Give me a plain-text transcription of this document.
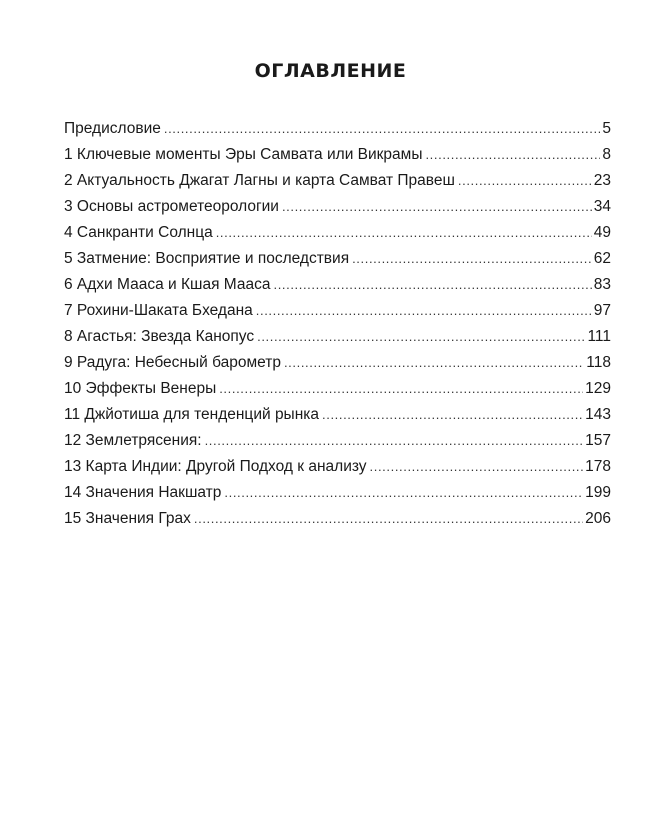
ОГЛАВЛЕНИЕ
Предисловие .....	5
1 Ключевые моменты Эры Самвата или Викрамы .....	8
2 Актуальность Джагат Лагны и карта Самват Правеш .....	23
3 Основы астрометеорологии .....	34
4 Санкранти Солнца .....	49
5 Затмение: Восприятие и последствия .....	62
6 Адхи Мааса и Кшая Мааса .....	83
7 Рохини-Шаката Бхедана .....	97
8 Агастья: Звезда Канопус .....	111
9 Радуга: Небесный барометр .....	118
10 Эффекты Венеры .....	129
11 Джйотиша для тенденций рынка .....	143
12 Землетрясения: .....	157
13 Карта Индии: Другой Подход к анализу .....	178
14 Значения Накшатр .....	199
15 Значения Грах .....	206
